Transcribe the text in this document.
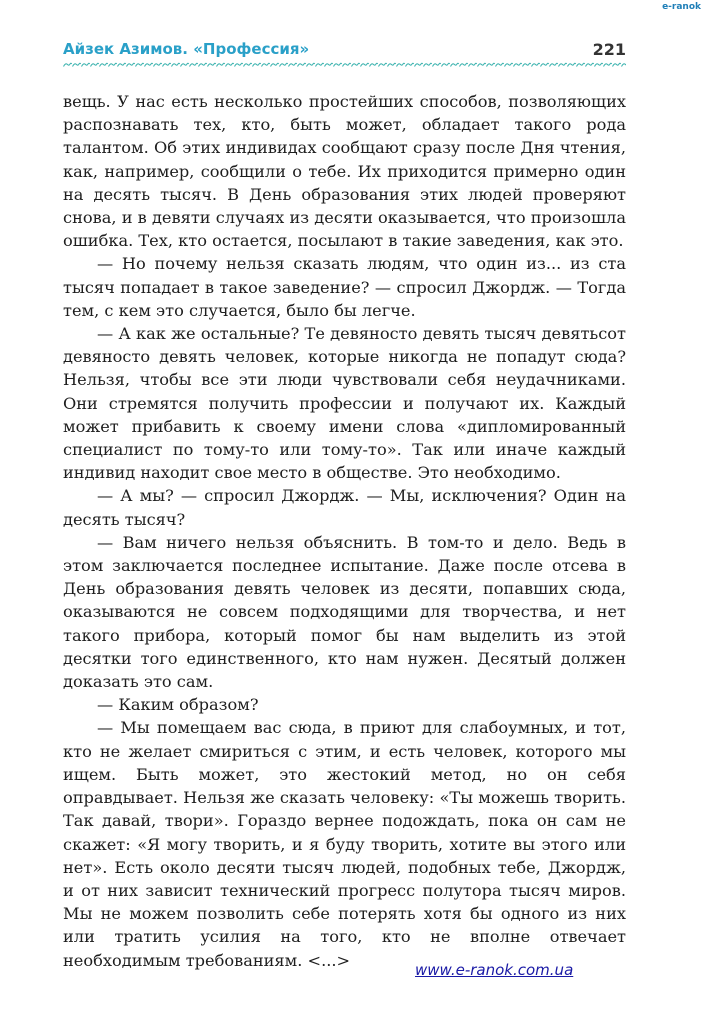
e-ranok
Айзек Азимов. «Профессия»	221

вещь. У нас есть несколько простейших способов, позволяющих распознавать тех, кто, быть может, обладает такого рода талантом. Об этих индивидах сообщают сразу после Дня чтения, как, например, сообщили о тебе. Их приходится примерно один на десять тысяч. В День образования этих людей проверяют снова, и в девяти случаях из десяти оказывается, что произошла ошибка. Тех, кто остается, посылают в такие заведения, как это.

— Но почему нельзя сказать людям, что один из... из ста тысяч попадает в такое заведение? — спросил Джордж. — Тогда тем, с кем это случается, было бы легче.

— А как же остальные? Те девяносто девять тысяч девятьсот девяносто девять человек, которые никогда не попадут сюда? Нельзя, чтобы все эти люди чувствовали себя неудачниками. Они стремятся получить профессии и получают их. Каждый может прибавить к своему имени слова «дипломированный специалист по тому-то или тому-то». Так или иначе каждый индивид находит свое место в обществе. Это необходимо.

— А мы? — спросил Джордж. — Мы, исключения? Один на десять тысяч?

— Вам ничего нельзя объяснить. В том-то и дело. Ведь в этом заключается последнее испытание. Даже после отсева в День образования девять человек из десяти, попавших сюда, оказываются не совсем подходящими для творчества, и нет такого прибора, который помог бы нам выделить из этой десятки того единственного, кто нам нужен. Десятый должен доказать это сам.

— Каким образом?

— Мы помещаем вас сюда, в приют для слабоумных, и тот, кто не желает смириться с этим, и есть человек, которого мы ищем. Быть может, это жестокий метод, но он себя оправдывает. Нельзя же сказать человеку: «Ты можешь творить. Так давай, твори». Гораздо вернее подождать, пока он сам не скажет: «Я могу творить, и я буду творить, хотите вы этого или нет». Есть около десяти тысяч людей, подобных тебе, Джордж, и от них зависит технический прогресс полутора тысяч миров. Мы не можем позволить себе потерять хотя бы одного из них или тратить усилия на того, кто не вполне отвечает необходимым требованиям. <...>

www.e-ranok.com.ua
